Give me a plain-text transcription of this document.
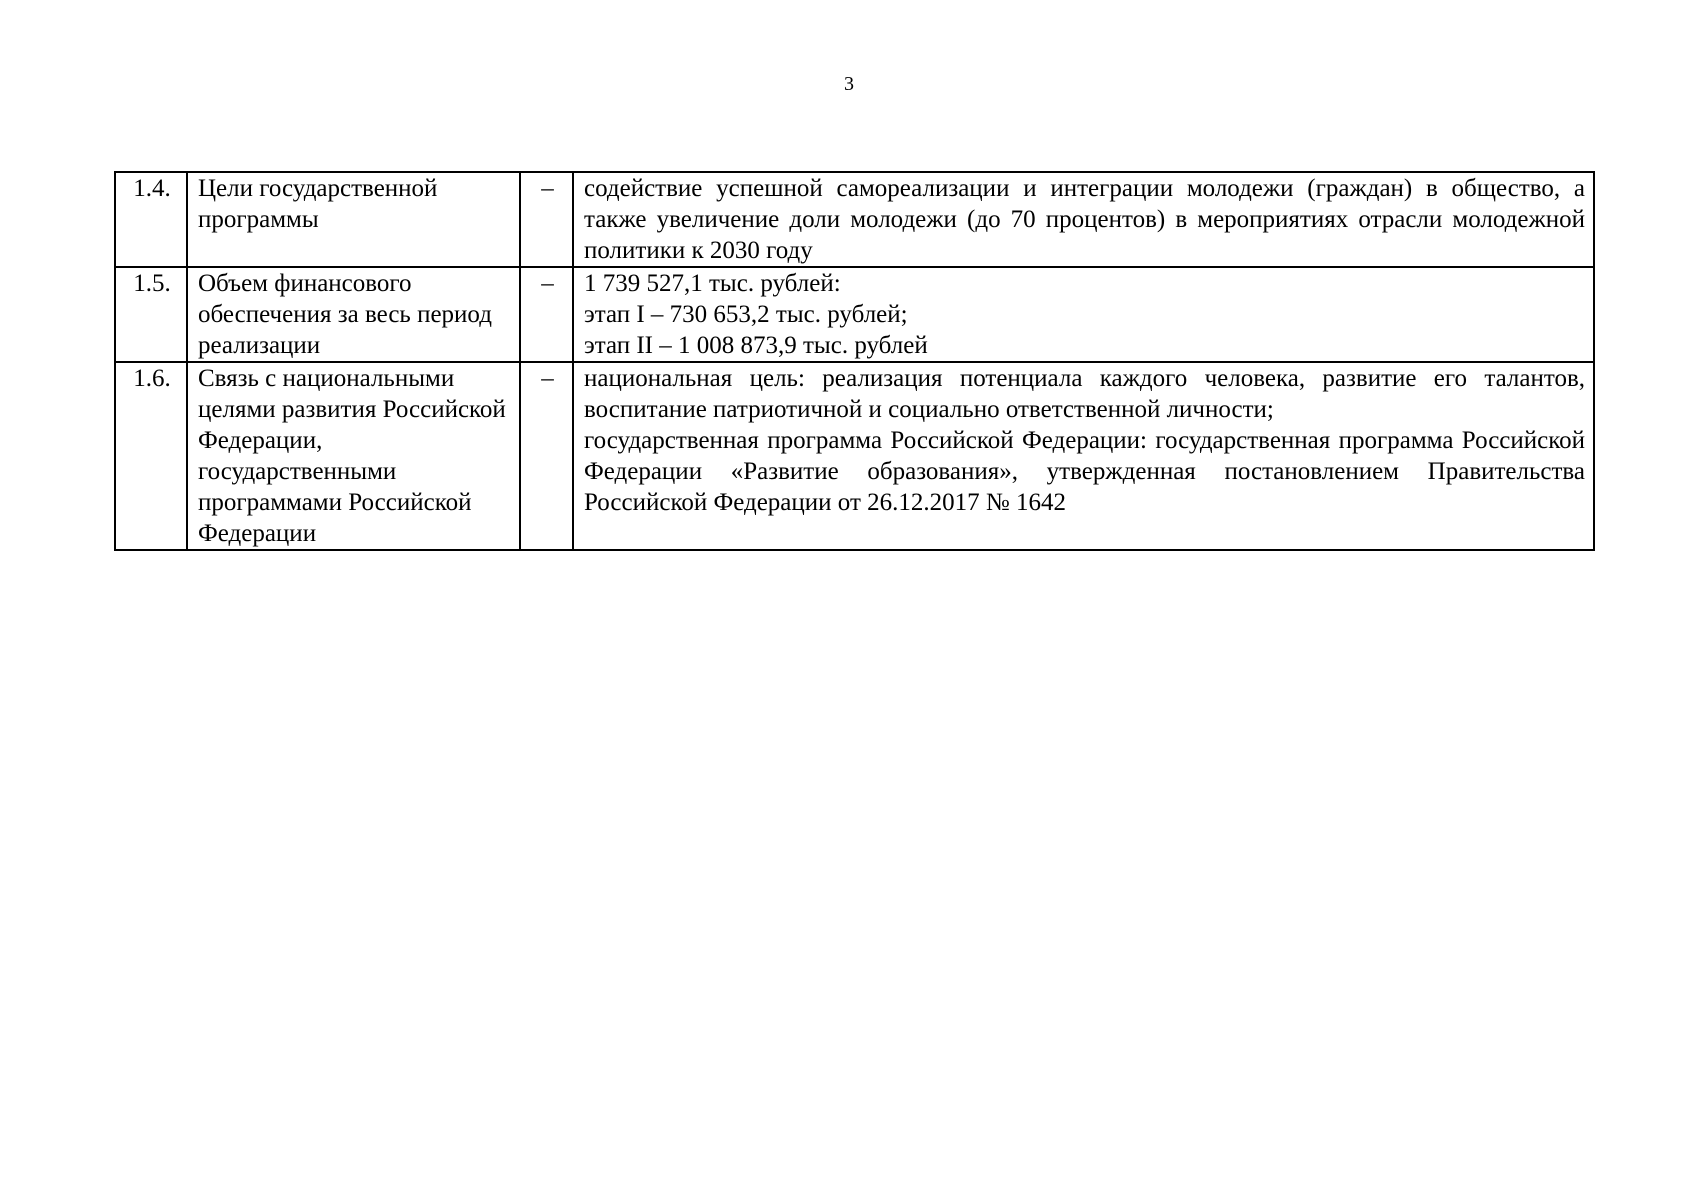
3
1.4.	Цели государственной программы	–	содействие успешной самореализации и интеграции молодежи (граждан) в общество, а также увеличение доли молодежи (до 70 процентов) в мероприятиях отрасли молодежной политики к 2030 году
1.5.	Объем финансового обеспечения за весь период реализации	–	1 739 527,1 тыс. рублей:
этап I – 730 653,2 тыс. рублей;
этап II – 1 008 873,9 тыс. рублей

1.6.	Связь с национальными целями развития Российской Федерации, государственными программами Российской Федерации	–	национальная цель: реализация потенциала каждого человека, развитие его талантов, воспитание патриотичной и социально ответственной личности;
государственная программа Российской Федерации: государственная программа Российской Федерации «Развитие образования», утвержденная постановлением Правительства Российской Федерации от 26.12.2017 № 1642
